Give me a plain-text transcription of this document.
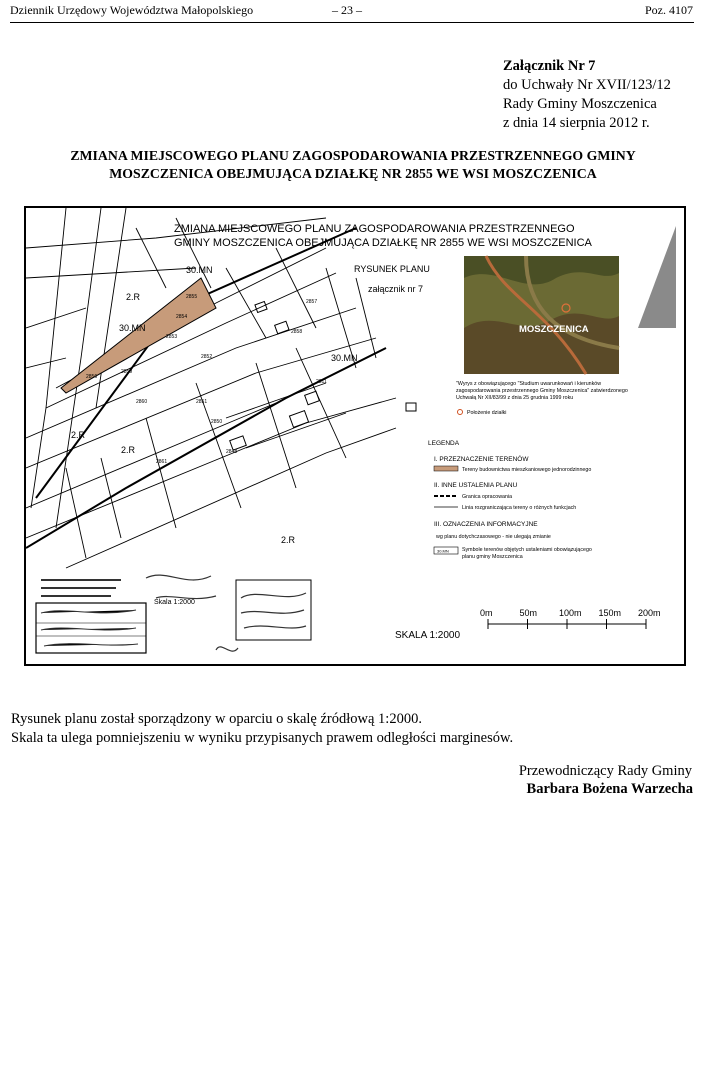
Dziennik Urzędowy Województwa Małopolskiego	– 23 –	Poz. 4107
Załącznik Nr 7
do Uchwały Nr XVII/123/12
Rady Gminy Moszczenica
z dnia 14 sierpnia 2012 r.
ZMIANA MIEJSCOWEGO PLANU ZAGOSPODAROWANIA PRZESTRZENNEGO GMINY
MOSZCZENICA OBEJMUJĄCA DZIAŁKĘ NR 2855 WE WSI MOSZCZENICA
30.MN
2.R
30.MN
2.R
30.MN
2.R
2.R
2855
2854
2853
2852
2851
2850
2848
2857
2858
2811
2856
2859
2860
2861
ZMIANA MIEJSCOWEGO PLANU ZAGOSPODAROWANIA PRZESTRZENNEGO
GMINY MOSZCZENICA OBEJMUJĄCA DZIAŁKĘ NR 2855 WE WSI MOSZCZENICA
RYSUNEK PLANU
załącznik nr 7
MOSZCZENICA
"Wyrys z obowiązującego "Studium uwarunkowań i kierunków
zagospodarowania przestrzennego Gminy Moszczenica" zatwierdzonego
Uchwałą Nr XII/83/99 z dnia 25 grudnia 1999 roku
Położenie działki
LEGENDA
I. PRZEZNACZENIE TERENÓW
Tereny budownictwa mieszkaniowego jednorodzinnego
II. INNE USTALENIA PLANU
Granica opracowania
Linia rozgraniczająca tereny o różnych funkcjach
III. OZNACZENIA INFORMACYJNE
wg planu dotychczasowego - nie ulegają zmianie
30.MN Symbole terenów objętych ustaleniami obowiązującego
planu gminy Moszczenica
0m	50m 100m 150m 200m
SKALA 1:2000
Skala 1:2000
Rysunek planu został sporządzony w oparciu o skalę źródłową 1:2000.
Skala ta ulega pomniejszeniu w wyniku przypisanych prawem odległości marginesów.
Przewodniczący Rady Gminy
Barbara Bożena Warzecha
